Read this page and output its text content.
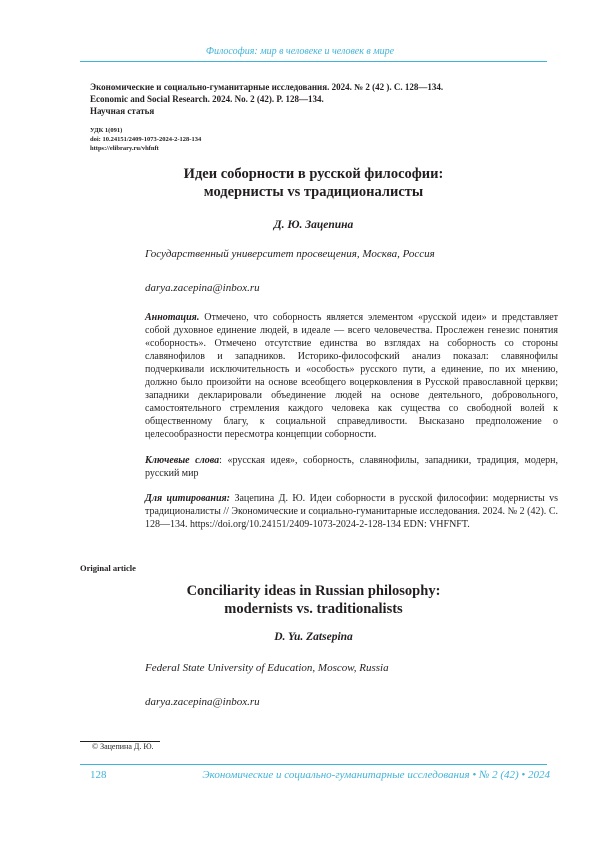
Философия: мир в человеке и человек в мире
Экономические и социально-гуманитарные исследования. 2024. № 2 (42 ). С. 128—134.
Economic and Social Research. 2024. No. 2 (42). P. 128—134.
Научная статья
УДК 1(091)
doi: 10.24151/2409-1073-2024-2-128-134
https://elibrary.ru/vhfnft
Идеи соборности в русской философии:
модернисты vs традиционалисты
Д. Ю. Зацепина
Государственный университет просвещения, Москва, Россия
darya.zacepina@inbox.ru
Аннотация. Отмечено, что соборность является элементом «русской идеи» и представляет собой духовное единение людей, в идеале — всего человечества. Прослежен генезис понятия «соборность». Отмечено отсутствие единства во взглядах на соборность со стороны славянофилов и западников. Историко-философский анализ показал: славянофилы подчеркивали исключительность и «особость» русского пути, а единение, по их мнению, должно было произойти на основе всеобщего воцерковления в Русской православной церкви; западники декларировали объединение людей на основе деятельного, добровольного, самостоятельного стремления каждого человека как существа со свободной волей к общественному благу, к социальной справедливости. Высказано предположение о целесообразности пересмотра концепции соборности.
Ключевые слова: «русская идея», соборность, славянофилы, западники, традиция, модерн, русский мир
Для цитирования: Зацепина Д. Ю. Идеи соборности в русской философии: модернисты vs традиционалисты // Экономические и социально-гуманитарные исследования. 2024. № 2 (42). С. 128—134. https://doi.org/10.24151/2409-1073-2024-2-128-134 EDN: VHFNFT.
Original article
Conciliarity ideas in Russian philosophy:
modernists vs. traditionalists
D. Yu. Zatsepina
Federal State University of Education, Moscow, Russia
darya.zacepina@inbox.ru
© Зацепина Д. Ю.
128	Экономические и социально-гуманитарные исследования • № 2 (42) • 2024
